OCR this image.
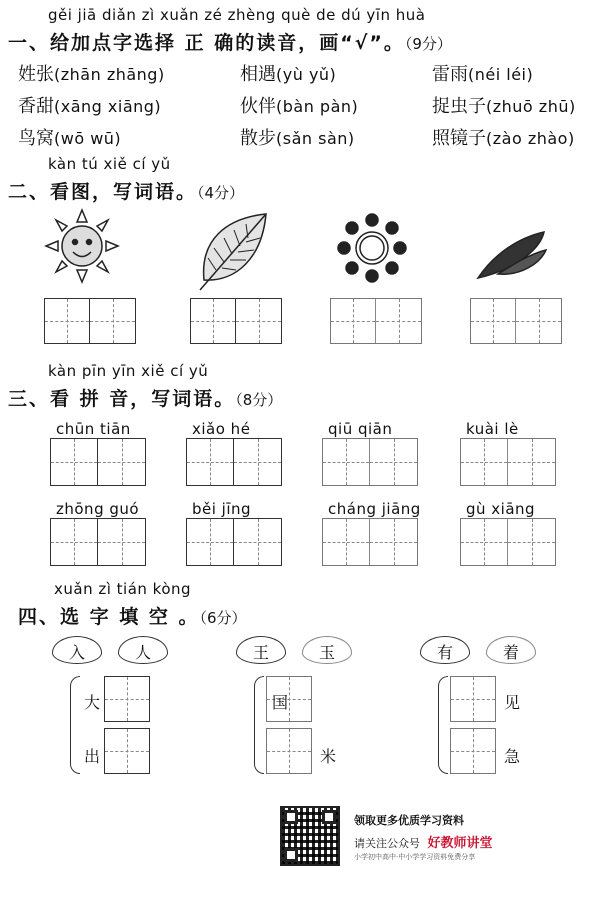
gěi jiā diǎn zì xuǎn zé zhèng què de dú yīn huà
一、给加点字选择 正 确的读音，画“√”。（9分）
姓张(zhān zhāng)	相遇(yù yǔ)	雷雨(néi léi)
香甜(xāng xiāng)	伙伴(bàn pàn)	捉虫子(zhuō zhū)
鸟窝(wō wū)	散步(sǎn sàn)	照镜子(zào zhào)
kàn tú xiě cí yǔ
二、看图，写词语。（4分）
kàn pīn yīn xiě cí yǔ
三、看 拼 音，写词语。（8分）
chūn tiān	xiǎo hé	qiū qiān	kuài lè
zhōng guó	běi jīng	cháng jiāng	gù xiāng
xuǎn zì tián kòng
四、选 字 填 空 。（6分）
入	人
大
出
王	玉
国
米
有	着
见
急
领取更多优质学习资料
请关注公众号 好教师讲堂
小学初中高中·中小学学习资料免费分享
